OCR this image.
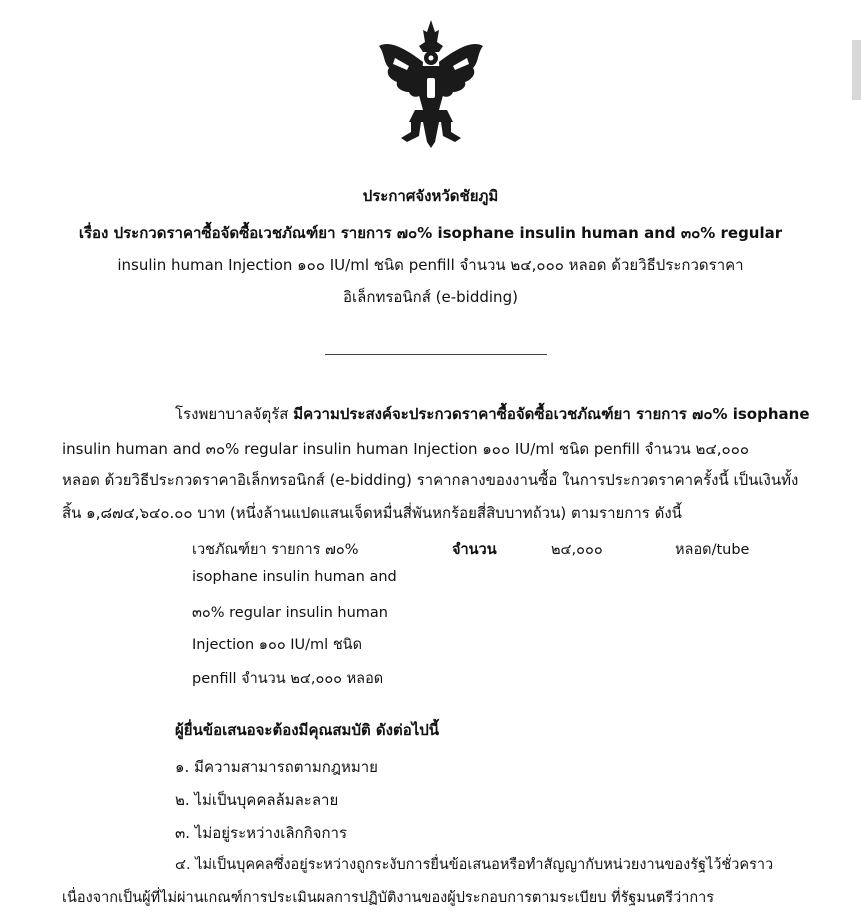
ประกาศจังหวัดชัยภูมิ
เรื่อง ประกวดราคาซื้อจัดซื้อเวชภัณฑ์ยา รายการ ๗๐% isophane insulin human and ๓๐% regular
insulin human Injection ๑๐๐ IU/ml ชนิด penfill จำนวน ๒๔,๐๐๐ หลอด ด้วยวิธีประกวดราคา
อิเล็กทรอนิกส์ (e-bidding)
โรงพยาบาลจัตุรัส มีความประสงค์จะประกวดราคาซื้อจัดซื้อเวชภัณฑ์ยา รายการ ๗๐% isophane
insulin human and ๓๐% regular insulin human Injection ๑๐๐ IU/ml ชนิด penfill จำนวน ๒๔,๐๐๐
หลอด ด้วยวิธีประกวดราคาอิเล็กทรอนิกส์ (e-bidding) ราคากลางของงานซื้อ ในการประกวดราคาครั้งนี้ เป็นเงินทั้ง
สิ้น ๑,๘๗๔,๖๔๐.๐๐ บาท (หนึ่งล้านแปดแสนเจ็ดหมื่นสี่พันหกร้อยสี่สิบบาทถ้วน) ตามรายการ ดังนี้
เวชภัณฑ์ยา รายการ ๗๐%
isophane insulin human and
๓๐% regular insulin human
Injection ๑๐๐ IU/ml ชนิด
penfill จำนวน ๒๔,๐๐๐ หลอด
จำนวน	๒๔,๐๐๐	หลอด/tube
ผู้ยื่นข้อเสนอจะต้องมีคุณสมบัติ ดังต่อไปนี้
๑. มีความสามารถตามกฎหมาย
๒. ไม่เป็นบุคคลล้มละลาย
๓. ไม่อยู่ระหว่างเลิกกิจการ
๔. ไม่เป็นบุคคลซึ่งอยู่ระหว่างถูกระงับการยื่นข้อเสนอหรือทำสัญญากับหน่วยงานของรัฐไว้ชั่วคราว
เนื่องจากเป็นผู้ที่ไม่ผ่านเกณฑ์การประเมินผลการปฏิบัติงานของผู้ประกอบการตามระเบียบ ที่รัฐมนตรีว่าการ
